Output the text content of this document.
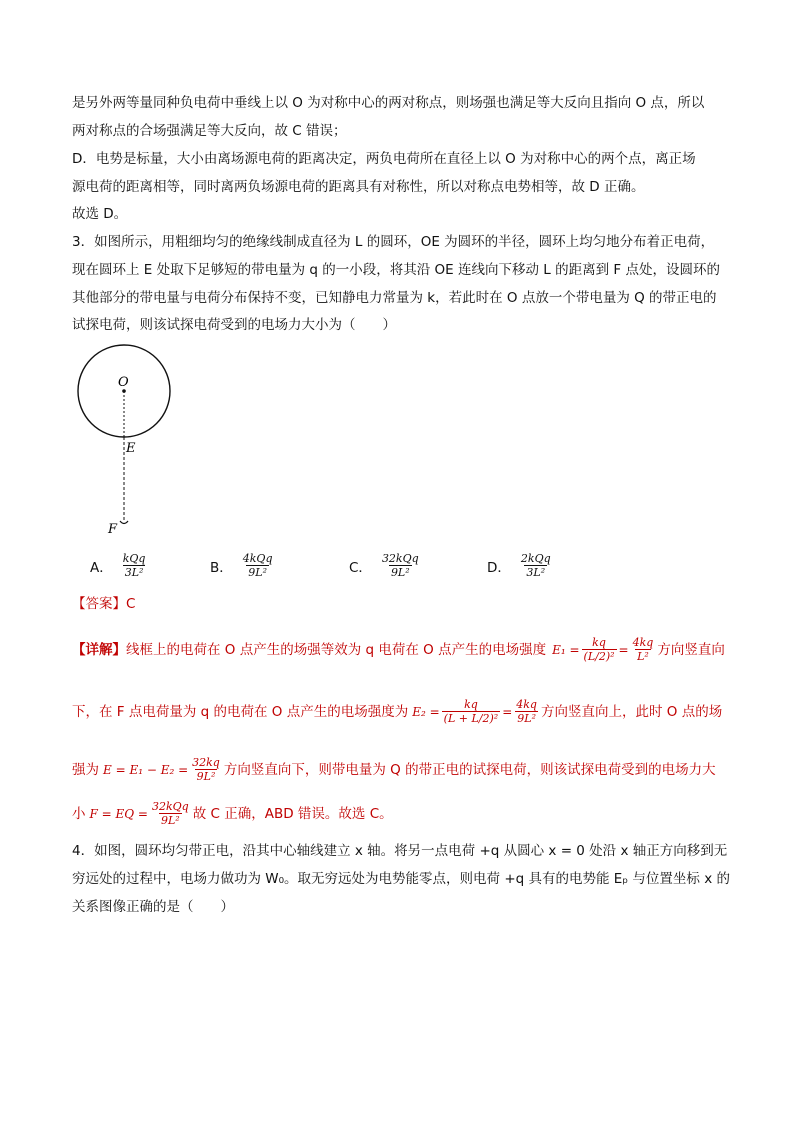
是另外两等量同种负电荷中垂线上以 O 为对称中心的两对称点，则场强也满足等大反向且指向 O 点，所以
两对称点的合场强满足等大反向，故 C 错误；
D．电势是标量，大小由离场源电荷的距离决定，两负电荷所在直径上以 O 为对称中心的两个点，离正场
源电荷的距离相等，同时离两负场源电荷的距离具有对称性，所以对称点电势相等，故 D 正确。
故选 D。
3．如图所示，用粗细均匀的绝缘线制成直径为 L 的圆环，OE 为圆环的半径，圆环上均匀地分布着正电荷，
现在圆环上 E 处取下足够短的带电量为 q 的一小段，将其沿 OE 连线向下移动 L 的距离到 F 点处，设圆环的
其他部分的带电量与电荷分布保持不变，已知静电力常量为 k，若此时在 O 点放一个带电量为 Q 的带正电的
试探电荷，则该试探电荷受到的电场力大小为（　　）
O
E
F
A． $\frac{\text{kQq}}{\text{3L²}}$	B． $\frac{\text{4kQq}}{\text{9L²}}$	C． $\frac{\text{32kQq}}{\text{9L²}}$	D． $\frac{\text{2kQq}}{\text{3L²}}$
【答案】C
【详解】 线框上的电荷在 O 点产生的场强等效为 q 电荷在 O 点产生的电场强度 $E_1 = \frac{kq}{\text{(L/2)²}} = \frac{4kq}{\text{L²}}$ 方向竖直向
下，在 F 点电荷量为 q 的电荷在 O 点产生的电场强度为 $E_2 = \frac{kq}{\text{(L + L/2)²}} = \frac{4kq}{\text{9L²}}$ 方向竖直向上，此时 O 点的场
强为 $E = E_1 - E_2 = \frac{32kq}{\text{9L²}}$ 方向竖直向下，则带电量为 Q 的带正电的试探电荷，则该试探电荷受到的电场力大
小 F = EQ = $\frac{\text{32kQq}}{\text{9L²}}$ 故 C 正确，ABD 错误。故选 C。
4．如图，圆环均匀带正电，沿其中心轴线建立 x 轴。将另一点电荷 +q 从圆心 x = 0 处沿 x 轴正方向移到无
穷远处的过程中，电场力做功为 W₀。取无穷远处为电势能零点，则电荷 +q 具有的电势能 Eₚ 与位置坐标 x 的
关系图像正确的是（　　）
